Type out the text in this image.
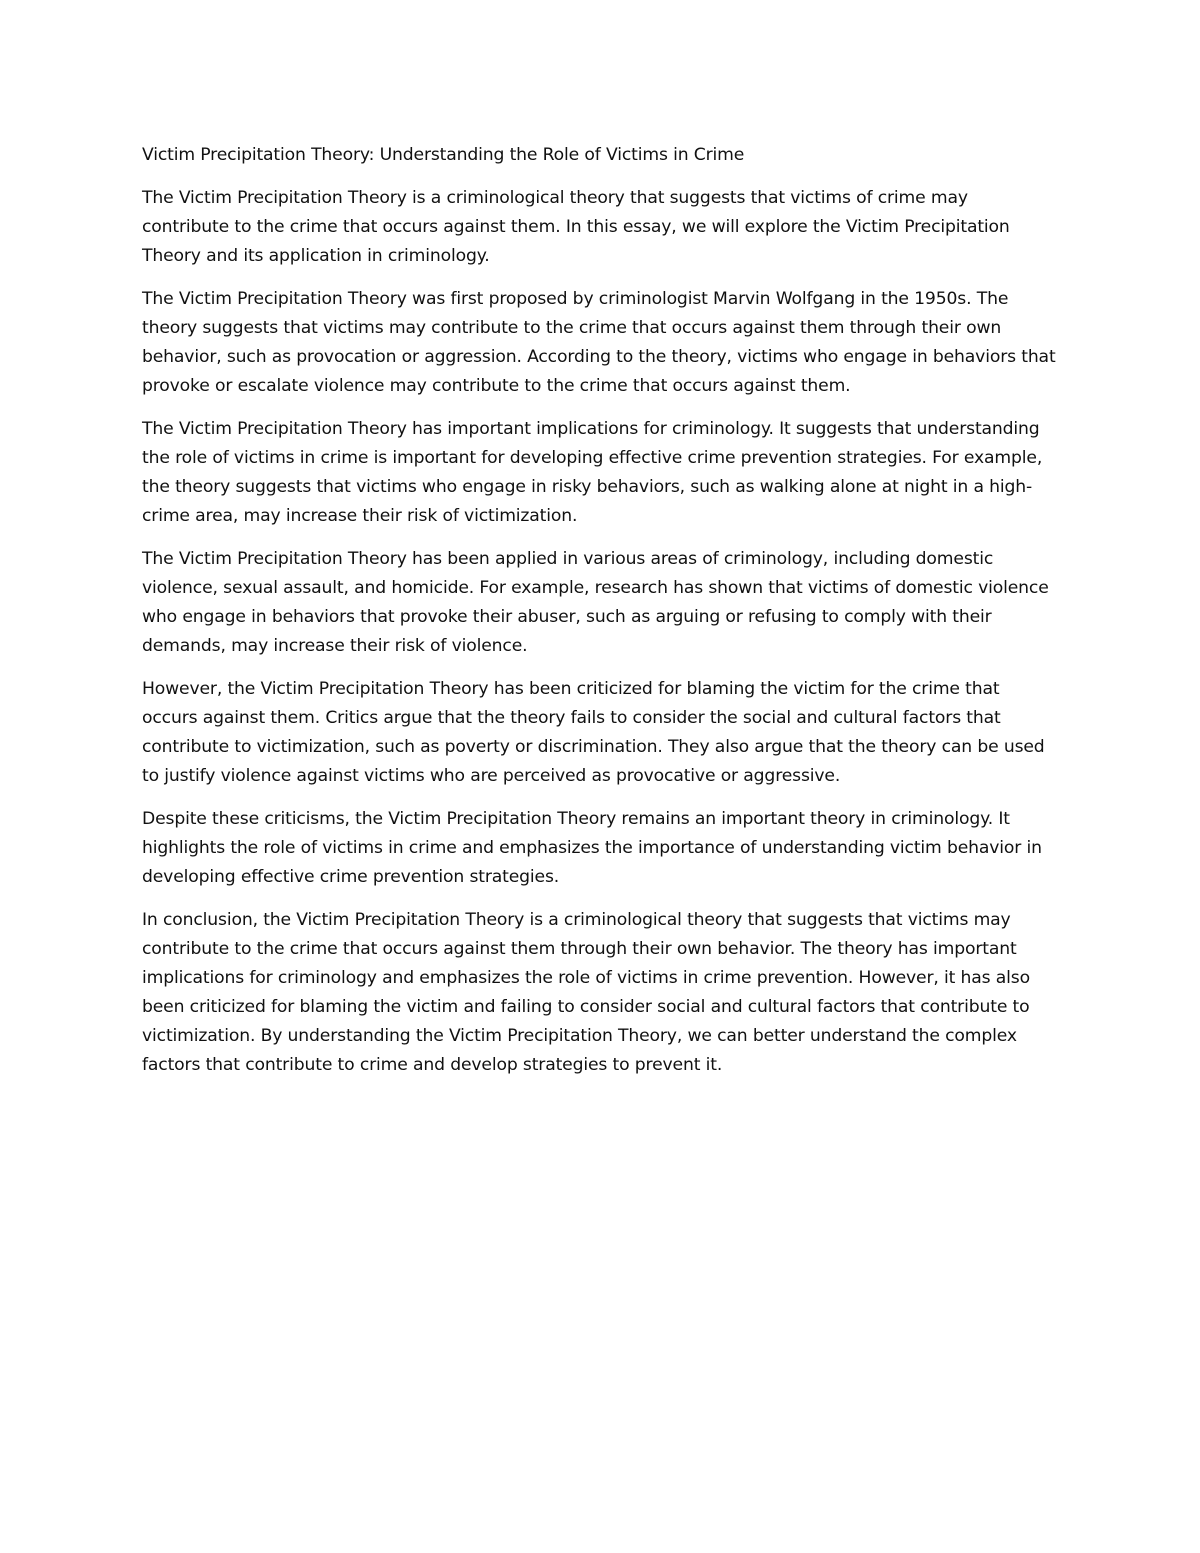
Victim Precipitation Theory: Understanding the Role of Victims in Crime

The Victim Precipitation Theory is a criminological theory that suggests that victims of crime may contribute to the crime that occurs against them. In this essay, we will explore the Victim Precipitation Theory and its application in criminology.

The Victim Precipitation Theory was first proposed by criminologist Marvin Wolfgang in the 1950s. The theory suggests that victims may contribute to the crime that occurs against them through their own behavior, such as provocation or aggression. According to the theory, victims who engage in behaviors that provoke or escalate violence may contribute to the crime that occurs against them.

The Victim Precipitation Theory has important implications for criminology. It suggests that understanding the role of victims in crime is important for developing effective crime prevention strategies. For example, the theory suggests that victims who engage in risky behaviors, such as walking alone at night in a high-crime area, may increase their risk of victimization.

The Victim Precipitation Theory has been applied in various areas of criminology, including domestic violence, sexual assault, and homicide. For example, research has shown that victims of domestic violence who engage in behaviors that provoke their abuser, such as arguing or refusing to comply with their demands, may increase their risk of violence.

However, the Victim Precipitation Theory has been criticized for blaming the victim for the crime that occurs against them. Critics argue that the theory fails to consider the social and cultural factors that contribute to victimization, such as poverty or discrimination. They also argue that the theory can be used to justify violence against victims who are perceived as provocative or aggressive.

Despite these criticisms, the Victim Precipitation Theory remains an important theory in criminology. It highlights the role of victims in crime and emphasizes the importance of understanding victim behavior in developing effective crime prevention strategies.

In conclusion, the Victim Precipitation Theory is a criminological theory that suggests that victims may contribute to the crime that occurs against them through their own behavior. The theory has important implications for criminology and emphasizes the role of victims in crime prevention. However, it has also been criticized for blaming the victim and failing to consider social and cultural factors that contribute to victimization. By understanding the Victim Precipitation Theory, we can better understand the complex factors that contribute to crime and develop strategies to prevent it.
